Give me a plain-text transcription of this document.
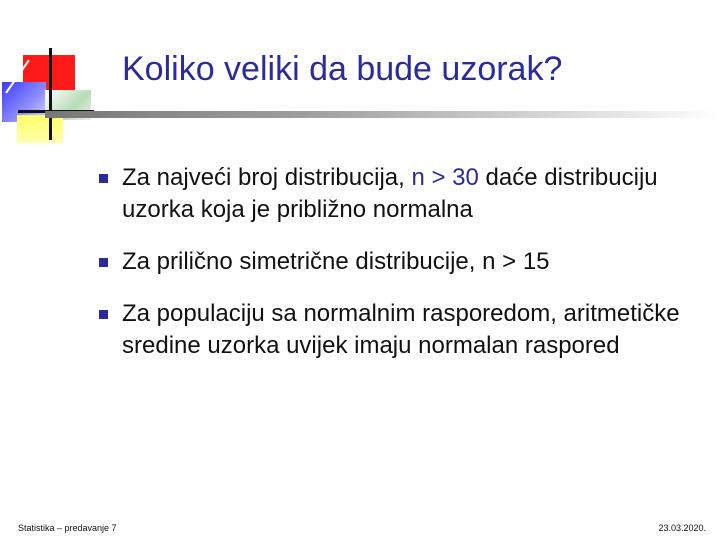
Koliko veliki da bude uzorak?
Za najveći broj distribucija, n > 30 daće distribuciju uzorka koja je približno normalna
Za prilično simetrične distribucije, n > 15
Za populaciju sa normalnim rasporedom, aritmetičke sredine uzorka uvijek imaju normalan raspored
Statistika – predavanje 7	23.03.2020.
